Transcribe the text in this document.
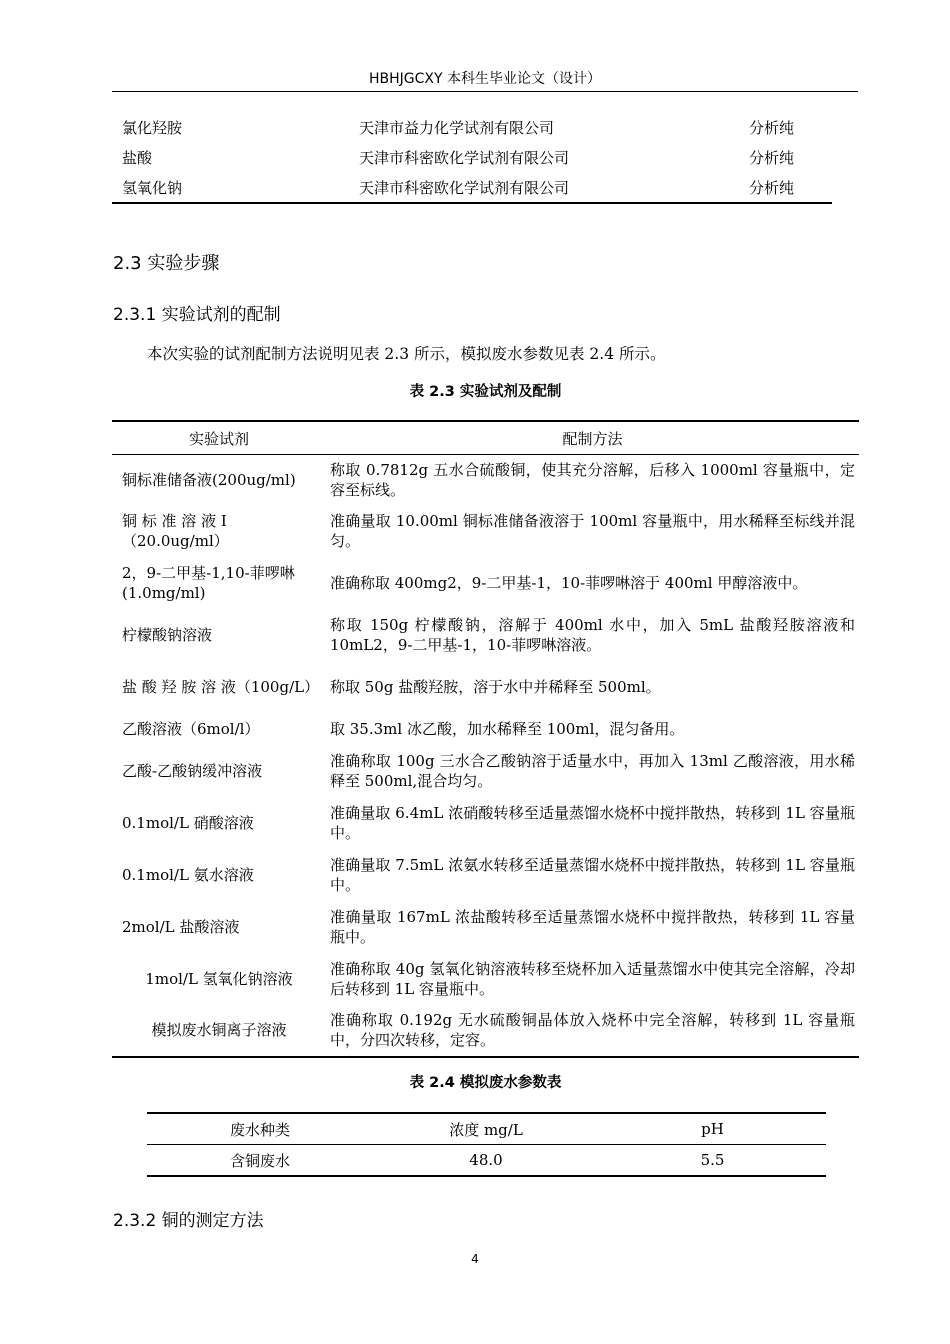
HBHJGCXY 本科生毕业论文（设计）
氯化羟胺	天津市益力化学试剂有限公司	分析纯
盐酸	天津市科密欧化学试剂有限公司	分析纯
氢氧化钠	天津市科密欧化学试剂有限公司	分析纯
2.3 实验步骤
2.3.1 实验试剂的配制
本次实验的试剂配制方法说明见表 2.3 所示，模拟废水参数见表 2.4 所示。
表 2.3 实验试剂及配制
实验试剂	配制方法
铜标准储备液(200ug/ml)	称取 0.7812g 五水合硫酸铜，使其充分溶解，后移入 1000ml 容量瓶中，定容至标线。
铜 标 准 溶 液 Ⅰ（20.0ug/ml）	准确量取 10.00ml 铜标准储备液溶于 100ml 容量瓶中，用水稀释至标线并混匀。
2，9-二甲基-1,10-菲啰啉(1.0mg/ml)	准确称取 400mg2，9-二甲基-1，10-菲啰啉溶于 400ml 甲醇溶液中。
柠檬酸钠溶液	称取 150g 柠檬酸钠，溶解于 400ml 水中，加入 5mL 盐酸羟胺溶液和 10mL2，9-二甲基-1，10-菲啰啉溶液。
盐 酸 羟 胺 溶 液（100g/L）	称取 50g 盐酸羟胺，溶于水中并稀释至 500ml。
乙酸溶液（6mol/l）	取 35.3ml 冰乙酸，加水稀释至 100ml，混匀备用。
乙酸-乙酸钠缓冲溶液	准确称取 100g 三水合乙酸钠溶于适量水中，再加入 13ml 乙酸溶液，用水稀释至 500ml,混合均匀。
0.1mol/L 硝酸溶液	准确量取 6.4mL 浓硝酸转移至适量蒸馏水烧杯中搅拌散热，转移到 1L 容量瓶中。
0.1mol/L 氨水溶液	准确量取 7.5mL 浓氨水转移至适量蒸馏水烧杯中搅拌散热，转移到 1L 容量瓶中。
2mol/L 盐酸溶液	准确量取 167mL 浓盐酸转移至适量蒸馏水烧杯中搅拌散热，转移到 1L 容量瓶中。
1mol/L 氢氧化钠溶液	准确称取 40g 氢氧化钠溶液转移至烧杯加入适量蒸馏水中使其完全溶解，冷却后转移到 1L 容量瓶中。
模拟废水铜离子溶液	准确称取 0.192g 无水硫酸铜晶体放入烧杯中完全溶解，转移到 1L 容量瓶中，分四次转移，定容。
表 2.4 模拟废水参数表
废水种类	浓度 mg/L	pH
含铜废水	48.0	5.5
2.3.2 铜的测定方法
4
